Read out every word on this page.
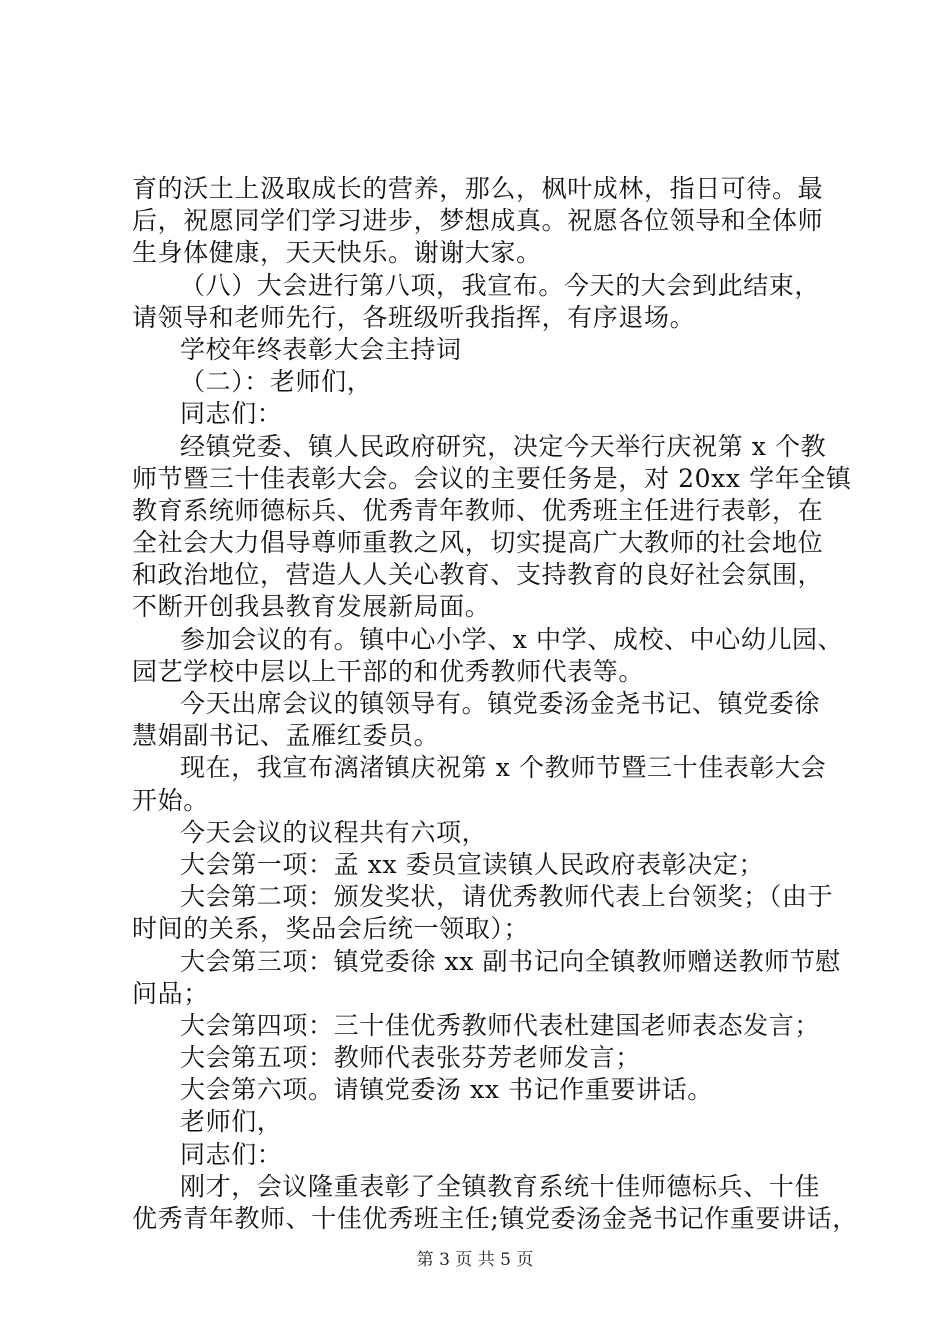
育的沃土上汲取成长的营养，那么，枫叶成林，指日可待。最
后，祝愿同学们学习进步，梦想成真。祝愿各位领导和全体师
生身体健康，天天快乐。谢谢大家。
（八）大会进行第八项，我宣布。今天的大会到此结束，
请领导和老师先行，各班级听我指挥，有序退场。
学校年终表彰大会主持词
（二）：老师们，
同志们：
经镇党委、镇人民政府研究，决定今天举行庆祝第 x 个教
师节暨三十佳表彰大会。会议的主要任务是，对 20xx 学年全镇
教育系统师德标兵、优秀青年教师、优秀班主任进行表彰，在
全社会大力倡导尊师重教之风，切实提高广大教师的社会地位
和政治地位，营造人人关心教育、支持教育的良好社会氛围，
不断开创我县教育发展新局面。
参加会议的有。镇中心小学、x 中学、成校、中心幼儿园、
园艺学校中层以上干部的和优秀教师代表等。
今天出席会议的镇领导有。镇党委汤金尧书记、镇党委徐
慧娟副书记、孟雁红委员。
现在，我宣布漓渚镇庆祝第 x 个教师节暨三十佳表彰大会
开始。
今天会议的议程共有六项，
大会第一项：孟 xx 委员宣读镇人民政府表彰决定；
大会第二项：颁发奖状，请优秀教师代表上台领奖；（由于
时间的关系，奖品会后统一领取）；
大会第三项：镇党委徐 xx 副书记向全镇教师赠送教师节慰
问品；
大会第四项：三十佳优秀教师代表杜建国老师表态发言；
大会第五项：教师代表张芬芳老师发言；
大会第六项。请镇党委汤 xx 书记作重要讲话。
老师们，
同志们：
刚才，会议隆重表彰了全镇教育系统十佳师德标兵、十佳
优秀青年教师、十佳优秀班主任;镇党委汤金尧书记作重要讲话，
第 3 页 共 5 页
